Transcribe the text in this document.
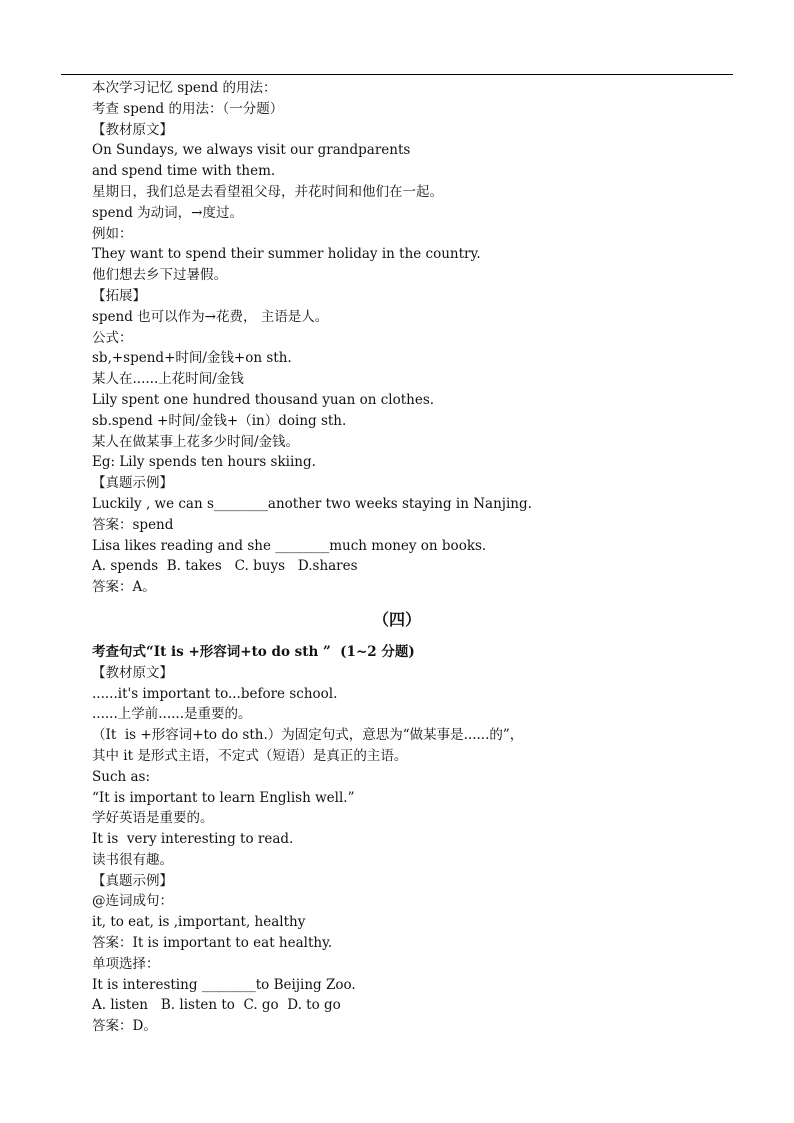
本次学习记忆 spend 的用法：
考查 spend 的用法：（一分题）
【教材原文】
On Sundays, we always visit our grandparents
and spend time with them.
星期日，我们总是去看望祖父母，并花时间和他们在一起。
spend 为动词，→度过。
例如：
They want to spend their summer holiday in the country.
他们想去乡下过暑假。
【拓展】
spend 也可以作为→花费， 主语是人。
公式：
sb,+spend+时间/金钱+on sth.
某人在......上花时间/金钱
Lily spent one hundred thousand yuan on clothes.
sb.spend +时间/金钱+（in）doing sth.
某人在做某事上花多少时间/金钱。
Eg: Lily spends ten hours skiing.
【真题示例】
Luckily , we can s________another two weeks staying in Nanjing.
答案：spend
Lisa likes reading and she ________much money on books.
A. spends  B. takes   C. buys   D.shares
答案：A。
（四）
考查句式“It is +形容词+to do sth ”  (1~2 分题)
【教材原文】
......it's important to...before school.
......上学前......是重要的。
（It  is +形容词+to do sth.）为固定句式，意思为“做某事是......的”，
其中 it 是形式主语，不定式（短语）是真正的主语。
Such as:
“It is important to learn English well.”
学好英语是重要的。
It is  very interesting to read.
读书很有趣。
【真题示例】
@连词成句：
it, to eat, is ,important, healthy
答案：It is important to eat healthy.
单项选择：
It is interesting ________to Beijing Zoo.
A. listen   B. listen to  C. go  D. to go
答案：D。
